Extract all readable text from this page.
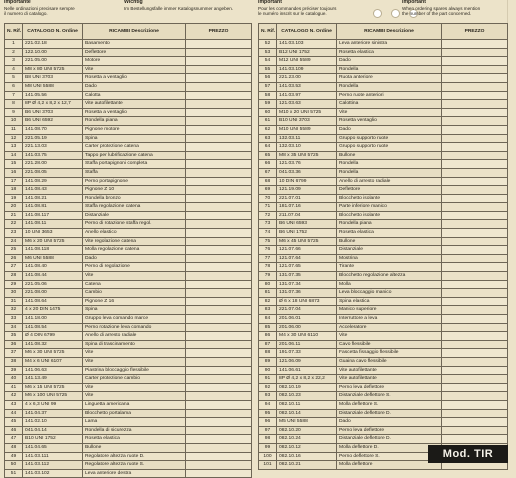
Importante
Nelle ordinazioni precisare sempre
il numero di catalogo.
Wichtig
Im Bestellungsfalle immer Katalogsnummer angeben.
Important
Pour les commandes préciser toujours
le numéro inscrit sur le catalogue.
Important
When ordering spares always mention
the number of the part concerned.
N. Rif.	CATALOGO N. Ordine	RICAMBI Descrizione	PREZZO
1	221.02.18	Basamento	
2	122.10.00	Deflettore	
3	221.05.00	Motore	
4	M8 x 80 UNI 5725	Vite	
5	B8 UNI 3703	Rosetta a ventaglio	
6	M8 UNI 5588	Dado	
7	141.05.56	Calotta	
8	8P Ø 4,2 x 8,2 x 12,7	Vite autofilettante	
9	B6 UNI 3703	Rosetta a ventaglio	
10	B6 UNI 6592	Rondella piana	
11	141.08.70	Pignone motore	
12	221.05.19	Spina	
13	221.13.03	Carter protezione catena	
14	141.03.75	Tappo per lubrificazione catena	
15	221.28.00	Staffa portapignoni completa	
16	221.08.05	Staffa	
17	141.08.29	Perno portapignone	
18	141.08.43	Pignone Z 10	
19	141.08.21	Rondella bronzo	
20	141.08.81	Staffa regolazione catena	
21	141.08.117	Distanziale	
22	141.08.11	Perno di rotazione staffa regol.	
23	10 UNI 3653	Anello elastico	
24	M6 x 20 UNI 5725	Vite regolazione catena	
25	141.08.118	Molla regolazione catena	
26	M6 UNI 5588	Dado	
27	141.08.40	Perno di regolazione	
28	141.08.44	Vite	
29	221.05.06	Catena	
30	221.08.00	Cambio	
31	141.08.64	Pignone Z 16	
32	4 x 20 DIN 1475	Spina	
33	141.18.00	Gruppo leva comando marce	
34	141.08.54	Perno rotazione leva comando	
35	Ø 4 DIN 6799	Anello di arresto radiale	
36	141.08.32	Spina di trascinamento	
37	M6 x 30 UNI 5725	Vite	
38	M4 x 6 UNI 6107	Vite	
39	141.06.63	Piastrina bloccaggio flessibile	
40	141.13.49	Carter protezione cambio	
41	M6 x 15 UNI 5725	Vite	
42	M6 x 100 UNI 5725	Vite	
43	4 x 6,3 UNI 99	Linguetta americana	
44	141.04.37	Blocchetto portalama	
45	141.02.10	Lama	
46	041.04.14	Rondella di sicurezza	
47	B10 UNI 1752	Rosetta elastica	
48	141.04.65	Bullone	
49	141.03.111	Regolatore altezza ruote D.	
50	141.03.112	Regolatore altezza ruote S.	
51	141.03.102	Leva anteriore destra	
N. Rif.	CATALOGO N. Ordine	RICAMBI Descrizione	PREZZO
52	141.03.103	Leva anteriore sinistra	
53	B12 UNI 1752	Rosetta elastica	
54	M12 UNI 5589	Dado	
55	141.03.109	Rondella	
56	221.23.00	Ruota anteriore	
57	141.03.53	Rondella	
58	141.03.97	Perno ruote anteriori	
59	121.03.63	Calottina	
60	M10 x 20 UNI 5725	Vite	
61	B10 UNI 3703	Rosetta ventaglio	
62	M10 UNI 5589	Dado	
63	132.03.11	Gruppo supporto ruote	
64	132.03.10	Gruppo supporto ruote	
65	M8 x 35 UNI 5725	Bullone	
66	121.03.76	Rondella	
67	041.03.36	Rondella	
68	10 DIN 6799	Anello di arresto radiale	
69	121.19.09	Deflettore	
70	221.07.01	Blocchetto isolante	
71	181.07.16	Parte inferiore manico	
72	211.07.04	Blocchetto isolante	
73	B6 UNI 6593	Rondella piana	
74	B6 UNI 1752	Rosetta elastica	
75	M6 x 45 UNI 5725	Bullone	
76	121.07.66	Distanziale	
77	121.07.64	Mostrina	
78	121.07.65	Tirante	
79	131.07.35	Blocchetto regolazione altezza	
80	131.07.34	Molla	
81	131.07.36	Leva bloccaggio manico	
82	Ø 6 x 18 UNI 6873	Spina elastica	
83	221.07.04	Manico superiore	
84	201.06.01	Interruttore a leva	
85	201.06.00	Acceleratore	
86	M4 x 30 UNI 6110	Vite	
87	201.06.11	Cavo flessibile	
88	191.07.33	Fascetta fissaggio flessibile	
89	121.06.09	Guaina cavo flessibile	
90	141.06.61	Vite autofilettante	
91	8P Ø 4,2 x 8,2 x 22,2	Vite autofilettante	
92	082.10.19	Perno leva deflettore	
93	082.10.23	Distanziale deflettore S.	
94	082.10.11	Molla deflettore S.	
95	082.10.14	Distanziale deflettore D.	
96	M5 UNI 5588	Dado	
97	082.10.20	Perno leva deflettore	
98	082.10.24	Distanziale deflettore D.	
99	082.10.12	Molla deflettore D.	
100	082.10.16	Perno deflettore S.	
101	082.10.21	Molla deflettore	
Mod. TIR
